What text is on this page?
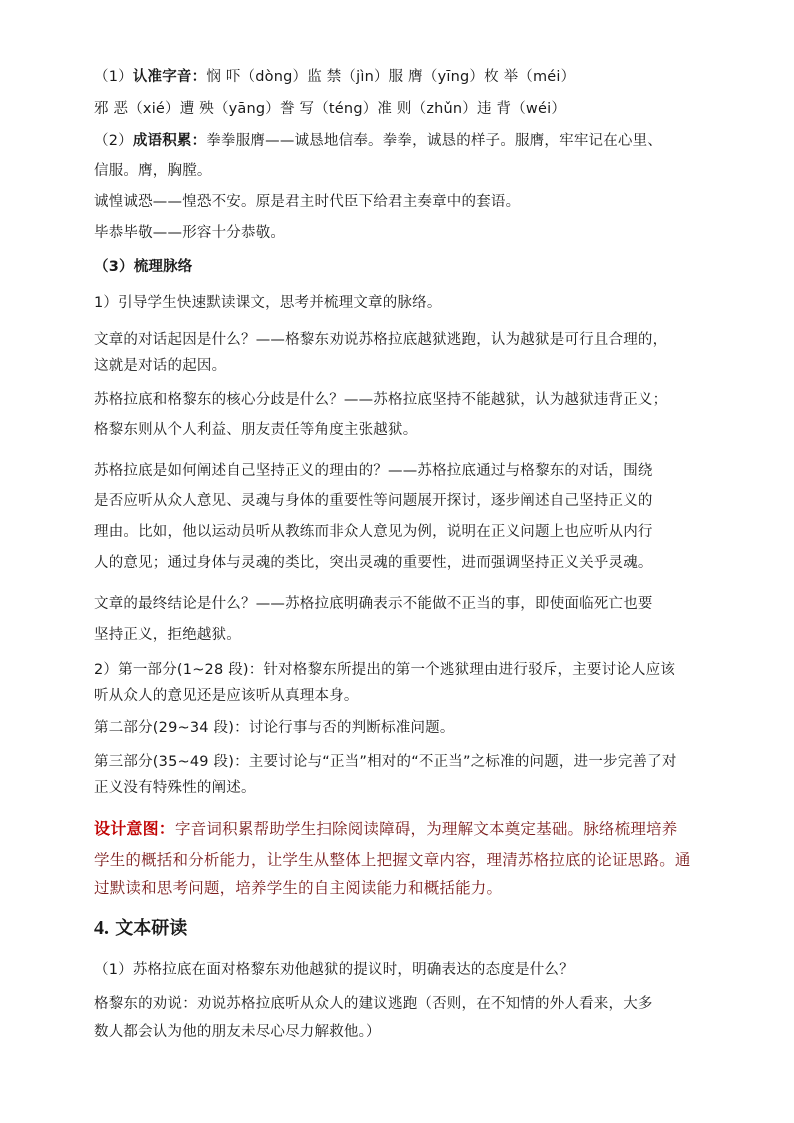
（1）认准字音：悯 吓（dòng）监 禁（jìn）服 膺（yīng）枚 举（méi）
邪 恶（xié）遭 殃（yāng）誊 写（téng）准 则（zhǔn）违 背（wéi）
（2）成语积累：拳拳服膺——诚恳地信奉。拳拳，诚恳的样子。服膺，牢牢记在心里、
信服。膺，胸膛。
诚惶诚恐——惶恐不安。原是君主时代臣下给君主奏章中的套语。
毕恭毕敬——形容十分恭敬。
（3）梳理脉络
1）引导学生快速默读课文，思考并梳理文章的脉络。
文章的对话起因是什么？——格黎东劝说苏格拉底越狱逃跑，认为越狱是可行且合理的，
这就是对话的起因。
苏格拉底和格黎东的核心分歧是什么？——苏格拉底坚持不能越狱，认为越狱违背正义；
格黎东则从个人利益、朋友责任等角度主张越狱。
苏格拉底是如何阐述自己坚持正义的理由的？——苏格拉底通过与格黎东的对话，围绕
是否应听从众人意见、灵魂与身体的重要性等问题展开探讨，逐步阐述自己坚持正义的
理由。比如，他以运动员听从教练而非众人意见为例，说明在正义问题上也应听从内行
人的意见；通过身体与灵魂的类比，突出灵魂的重要性，进而强调坚持正义关乎灵魂。
文章的最终结论是什么？——苏格拉底明确表示不能做不正当的事，即使面临死亡也要
坚持正义，拒绝越狱。
2）第一部分(1~28 段)：针对格黎东所提出的第一个逃狱理由进行驳斥，主要讨论人应该
听从众人的意见还是应该听从真理本身。
第二部分(29~34 段)：讨论行事与否的判断标准问题。
第三部分(35~49 段)：主要讨论与“正当”相对的“不正当”之标准的问题，进一步完善了对
正义没有特殊性的阐述。
设计意图：字音词积累帮助学生扫除阅读障碍，为理解文本奠定基础。脉络梳理培养
学生的概括和分析能力，让学生从整体上把握文章内容，理清苏格拉底的论证思路。通
过默读和思考问题，培养学生的自主阅读能力和概括能力。
4. 文本研读
（1）苏格拉底在面对格黎东劝他越狱的提议时，明确表达的态度是什么？
格黎东的劝说：劝说苏格拉底听从众人的建议逃跑（否则，在不知情的外人看来，大多
数人都会认为他的朋友未尽心尽力解救他。）
